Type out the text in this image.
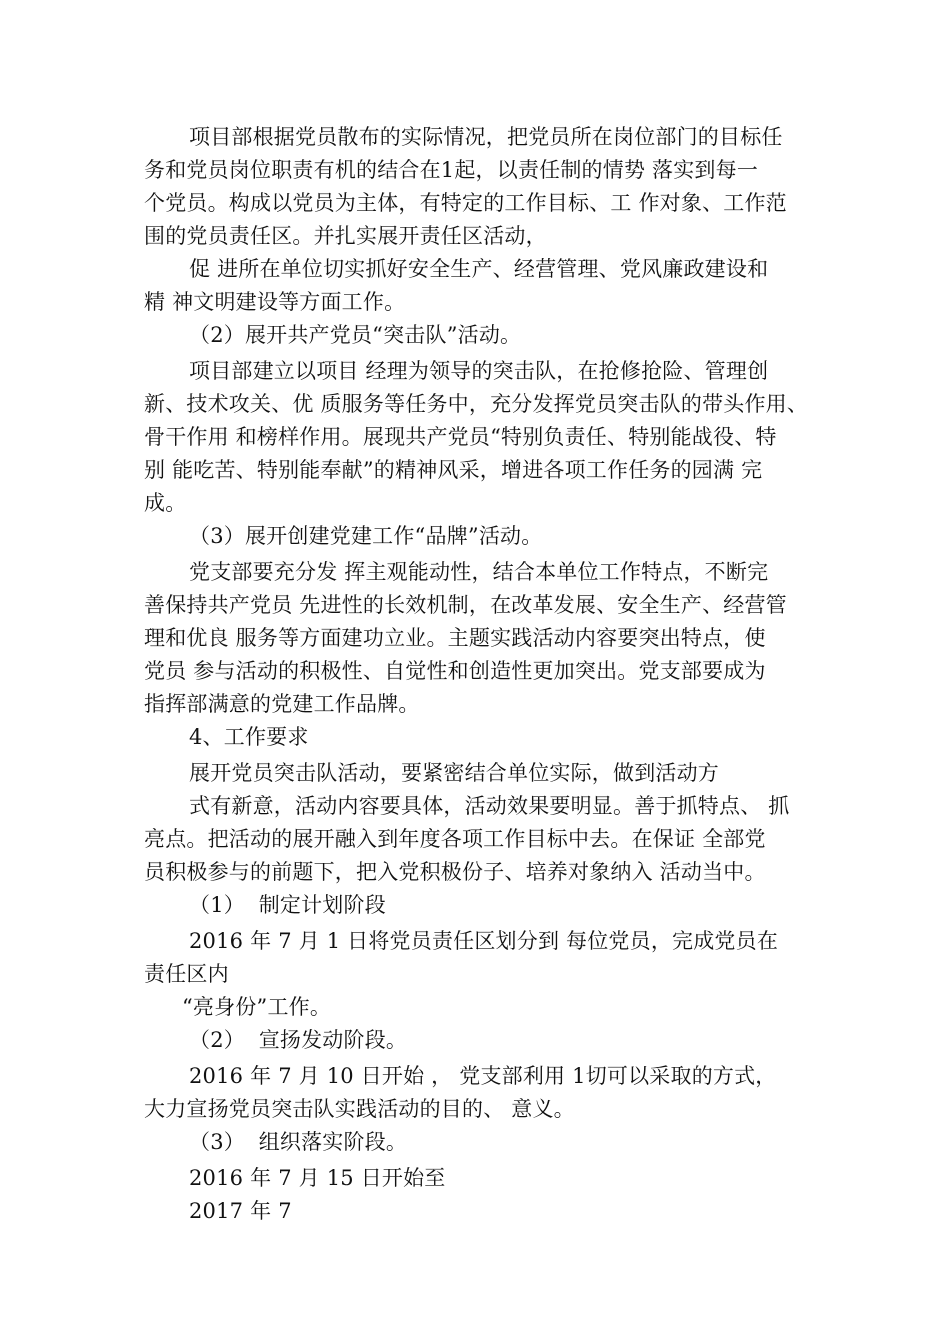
项目部根据党员散布的实际情况，把党员所在岗位部门的目标任
务和党员岗位职责有机的结合在1起，以责任制的情势 落实到每一
个党员。构成以党员为主体，有特定的工作目标、工 作对象、工作范
围的党员责任区。并扎实展开责任区活动，
促 进所在单位切实抓好安全生产、经营管理、党风廉政建设和
精 神文明建设等方面工作。
（2）展开共产党员“突击队”活动。
项目部建立以项目 经理为领导的突击队，在抢修抢险、管理创
新、技术攻关、优 质服务等任务中，充分发挥党员突击队的带头作用、
骨干作用 和榜样作用。展现共产党员“特别负责任、特别能战役、特
别 能吃苦、特别能奉献”的精神风采，增进各项工作任务的园满 完
成。
（3）展开创建党建工作“品牌”活动。
党支部要充分发 挥主观能动性，结合本单位工作特点，不断完
善保持共产党员 先进性的长效机制，在改革发展、安全生产、经营管
理和优良 服务等方面建功立业。主题实践活动内容要突出特点，使
党员 参与活动的积极性、自觉性和创造性更加突出。党支部要成为
指挥部满意的党建工作品牌。
4、工作要求
展开党员突击队活动，要紧密结合单位实际，做到活动方
式有新意，活动内容要具体，活动效果要明显。善于抓特点、 抓
亮点。把活动的展开融入到年度各项工作目标中去。在保证 全部党
员积极参与的前题下，把入党积极份子、培养对象纳入 活动当中。
（1）  制定计划阶段
2016 年 7 月 1 日将党员责任区划分到 每位党员，完成党员在
责任区内
“亮身份”工作。
（2）  宣扬发动阶段。
2016 年 7 月 10 日开始 ， 党支部利用 1切可以采取的方式，
大力宣扬党员突击队实践活动的目的、 意义。
（3）  组织落实阶段。
2016 年 7 月 15 日开始至
2017 年 7
